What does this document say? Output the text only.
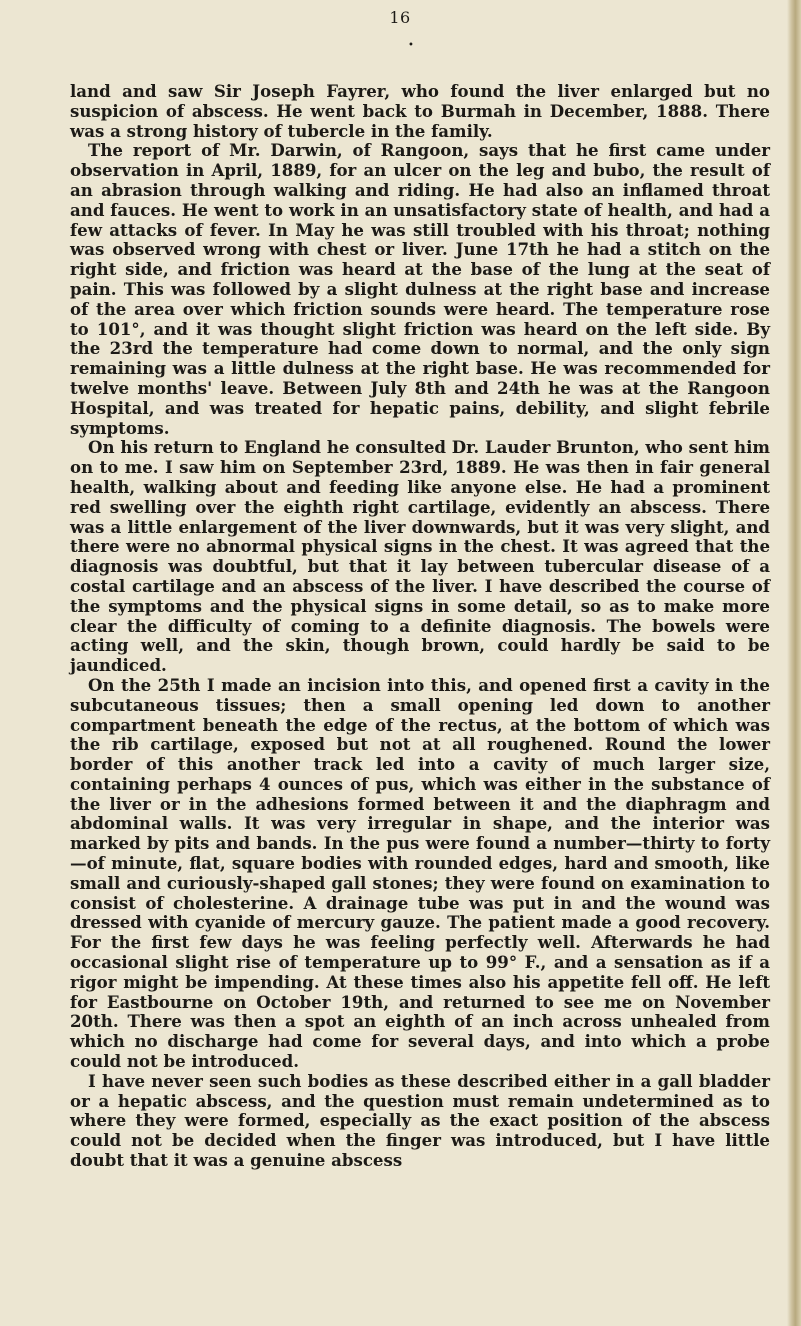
16
•

land and saw Sir Joseph Fayrer, who found the liver enlarged but no suspicion of abscess. He went back to Burmah in December, 1888. There was a strong history of tubercle in the family.

The report of Mr. Darwin, of Rangoon, says that he first came under observation in April, 1889, for an ulcer on the leg and bubo, the result of an abrasion through walking and riding. He had also an inflamed throat and fauces. He went to work in an unsatisfactory state of health, and had a few attacks of fever. In May he was still troubled with his throat; nothing was observed wrong with chest or liver. June 17th he had a stitch on the right side, and friction was heard at the base of the lung at the seat of pain. This was followed by a slight dulness at the right base and increase of the area over which friction sounds were heard. The temperature rose to 101°, and it was thought slight friction was heard on the left side. By the 23rd the temperature had come down to normal, and the only sign remaining was a little dulness at the right base. He was recommended for twelve months' leave. Between July 8th and 24th he was at the Rangoon Hospital, and was treated for hepatic pains, debility, and slight febrile symptoms.

On his return to England he consulted Dr. Lauder Brunton, who sent him on to me. I saw him on September 23rd, 1889. He was then in fair general health, walking about and feeding like anyone else. He had a prominent red swelling over the eighth right cartilage, evidently an abscess. There was a little enlargement of the liver downwards, but it was very slight, and there were no abnormal physical signs in the chest. It was agreed that the diagnosis was doubtful, but that it lay between tubercular disease of a costal cartilage and an abscess of the liver. I have described the course of the symptoms and the physical signs in some detail, so as to make more clear the difficulty of coming to a definite diagnosis. The bowels were acting well, and the skin, though brown, could hardly be said to be jaundiced.

On the 25th I made an incision into this, and opened first a cavity in the subcutaneous tissues; then a small opening led down to another compartment beneath the edge of the rectus, at the bottom of which was the rib cartilage, exposed but not at all roughened. Round the lower border of this another track led into a cavity of much larger size, containing perhaps 4 ounces of pus, which was either in the substance of the liver or in the adhesions formed between it and the diaphragm and abdominal walls. It was very irregular in shape, and the interior was marked by pits and bands. In the pus were found a number—thirty to forty—of minute, flat, square bodies with rounded edges, hard and smooth, like small and curiously-shaped gall stones; they were found on examination to consist of cholesterine. A drainage tube was put in and the wound was dressed with cyanide of mercury gauze. The patient made a good recovery. For the first few days he was feeling perfectly well. Afterwards he had occasional slight rise of temperature up to 99° F., and a sensation as if a rigor might be impending. At these times also his appetite fell off. He left for Eastbourne on October 19th, and returned to see me on November 20th. There was then a spot an eighth of an inch across unhealed from which no discharge had come for several days, and into which a probe could not be introduced.

I have never seen such bodies as these described either in a gall bladder or a hepatic abscess, and the question must remain undetermined as to where they were formed, especially as the exact position of the abscess could not be decided when the finger was introduced, but I have little doubt that it was a genuine abscess
